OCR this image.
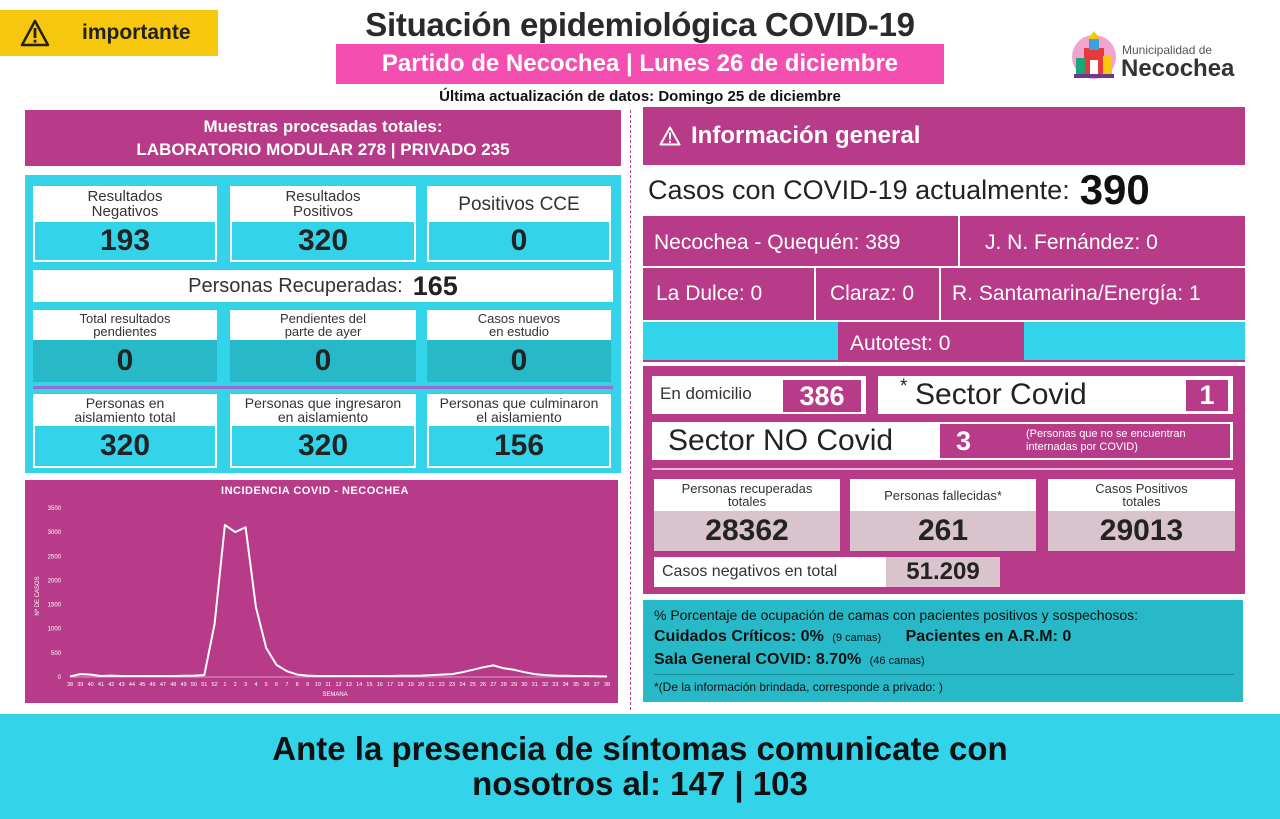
importante	Situación epidemiológica COVID-19
Partido de Necochea | Lunes 26 de diciembre
Última actualización de datos: Domingo 25 de diciembre
Municipalidad de
Necochea
Muestras procesadas totales:
LABORATORIO MODULAR 278 | PRIVADO 235
Resultados
Negativos
193
Resultados
Positivos
320
Positivos CCE
0
Personas Recuperadas: 165
Total resultados
pendientes
0
Pendientes del
parte de ayer
0
Casos nuevos
en estudio
0
Personas en
aislamiento total
320
Personas que ingresaron
en aislamiento
320
Personas que culminaron
el aislamiento
156
INCIDENCIA COVID - NECOCHEA
Nº DE CASOS
SEMANA
0
500
1000
1500
2000
2500
3000
3500
38 39 40 41 42 43 44 45 46 47 48 49 50 51 52 1 2 3 4 5 6 7 8 9 10 11 12 13 14 15 16 17 18 19 20 21 22 23 24 25 26 27 28 29 30 31 32 33 34 35 36 37 38
Información general
Casos con COVID-19 actualmente: 390
Necochea - Quequén: 389	J. N. Fernández: 0
La Dulce: 0	Claraz: 0 R. Santamarina/Energía: 1
Autotest: 0
En domicilio	386	* Sector Covid	1
Sector NO Covid 3	(Personas que no se encuentran
internadas por COVID)
Personas recuperadas
totales
28362
Personas fallecidas*
261
Casos Positivos
totales
29013
Casos negativos en total	51.209
% Porcentaje de ocupación de camas con pacientes positivos y sospechosos:
Cuidados Críticos: 0% (9 camas) Pacientes en A.R.M: 0
Sala General COVID: 8.70% (46 camas)
*(De la información brindada, corresponde a privado: )
Ante la presencia de síntomas comunicate con
nosotros al: 147 | 103
